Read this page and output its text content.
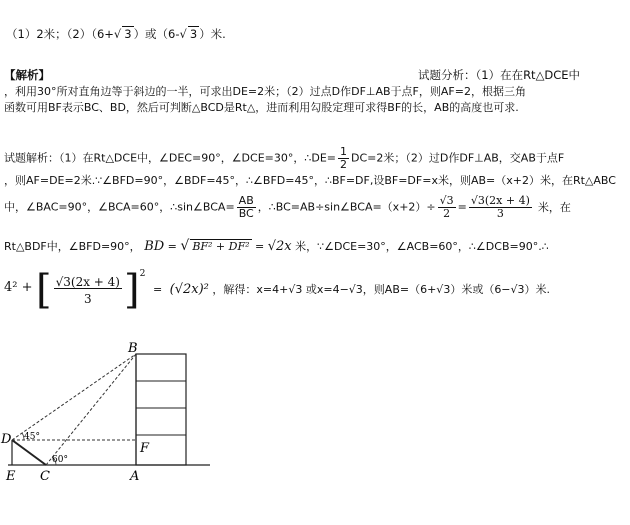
（1）2米；（2）（6+√ 3 ）或（6-√ 3 ）米.
【解析】	试题分析：（1）在在Rt△DCE中
，利用30°所对直角边等于斜边的一半，可求出DE=2米；（2）过点D作DF⊥AB于点F，则AF=2，根据三角
函数可用BF表示BC、BD，然后可判断△BCD是Rt△，进而利用勾股定理可求得BF的长，AB的高度也可求.
试题解析：（1）在Rt△DCE中，∠DEC=90°，∠DCE=30°，∴DE= $\frac{1}{2} DC=2$米；（2）过D作DF⊥AB，交AB于点F
，则AF=DE=2米.∵∠BFD=90°，∠BDF=45°，∴∠BFD=45°，∴BF=DF,设BF=DF=x米，则AB=（x+2）米，在Rt△ABC
中，∠BAC=90°，∠BCA=60°，∴sin∠BCA= $\frac{AB}{BC}$ ，∴BC=AB÷sin∠BCA=（x+2）÷ $\frac{√3}{2} = \frac{√3(2x + 4)}{3}$ 米，在
Rt△BDF中，∠BFD=90°， BD = √ BF² + DF² = √2x 米，∵∠DCE=30°，∠ACB=60°，∴∠DCB=90°.∴
4² + [ $\frac{√3(2x + 4)}{3} ]^2 = (√2x)^2$ ，解得：x=4+√3 或x=4−√3，则AB=（6+√3）米或（6−√3）米.
B
D
F
E C	A
45°
60°
